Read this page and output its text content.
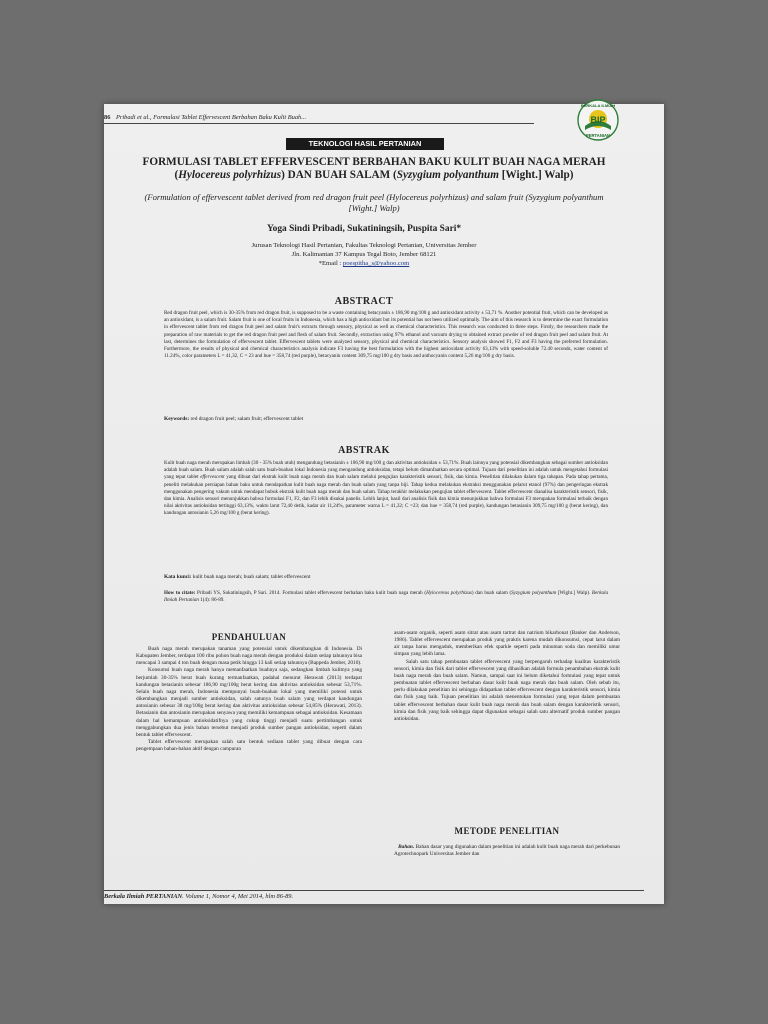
86 Pribadi et al., Formulasi Tablet Effervescent Berbahan Baku Kulit Buah...
BERKALA ILMIAH
BIP
PERTANIAN
TEKNOLOGI HASIL PERTANIAN
FORMULASI TABLET EFFERVESCENT BERBAHAN BAKU KULIT BUAH NAGA MERAH
(Hylocereus polyrhizus) DAN BUAH SALAM (Syzygium polyanthum [Wight.] Walp)
(Formulation of effervescent tablet derived from red dragon fruit peel (Hylocereus polyrhizus) and salam fruit (Syzygium polyanthum [Wight.] Walp)
Yoga Sindi Pribadi, Sukatiningsih, Puspita Sari*
Jurusan Teknologi Hasil Pertanian, Fakultas Teknologi Pertanian, Universitas Jember
Jln. Kalimantan 37 Kampus Tegal Boto, Jember 68121
*Email : poespitha_s@yahoo.com
ABSTRACT
Red dragon fruit peel, which is 30-35% from red dragon fruit, is supposed to be a waste containing betacyanin ± 186,90 mg/100 g and antioxidant activity ± 53,71 %. Another potential fruit, which can be developed as an antioxidant, is a salam fruit. Salam fruit is one of local fruits in Indonesia, which has a high antioxidant but its potential has not been utilized optimally. The aim of this research is to determine the exact formulation in effervescent tablet from red dragon fruit peel and salam fruit's extracts through sensory, physical as well as chemical characteristics. This research was conducted in three steps. Firstly, the researchers made the preparation of raw materials to get the red dragon fruit peel and flesh of salam fruit. Secondly, extraction using 97% ethanol and vacuum drying to obtained extract powder of red dragon fruit peel and salam fruit. At last, determines the formulation of effervescent tablet. Effervescent tablets were analyzed sensory, physical and chemical characteristics. Sensory analysis showed F1, F2 and F3 having the preferred formulation. Furthermore, the results of physical and chemical characteristics analysis indicate F3 having the best formulation with the highest antioxidant activity 63,13% with speed-soluble 72.40 seconds, water content of 11.24%, color parameters L = 41,32, C = 23 and hue = 358,74 (red purple), betacyanin content 309,75 mg/100 g dry basis and anthocyanin content 5,26 mg/100 g dry basis.
Keywords: red dragon fruit peel; salam fruit; effervescent tablet
ABSTRAK
Kulit buah naga merah merupakan limbah (30 - 35% buah utuh) mengandung betasianin ± 186,90 mg/100 g dan aktivitas antioksidan ± 53,71%. Buah lainnya yang potensial dikembangkan sebagai sumber antioksidan adalah buah salam. Buah salam adalah salah satu buah-buahan lokal Indonesia yang mengandung antioksidan, tetapi belum dimanfaatkan secara optimal. Tujuan dari penelitian ini adalah untuk mengetahui formulasi yang tepat tablet effervescent yang dibuat dari ekstrak kulit buah naga merah dan buah salam melalui pengujian karakteristik sensori, fisik, dan kimia. Penelitian dilakukan dalam tiga tahapan. Pada tahap pertama, peneliti melakukan persiapan bahan baku untuk mendapatkan kulit buah naga merah dan buah salam yang tanpa biji. Tahap kedua melakukan ekstraksi menggunakan pelarut etanol (97%) dan pengeringan ekstrak menggunakan pengering vakum untuk mendapat bubuk ekstrak kulit buah naga merah dan buah salam. Tahap terakhir melakukan pengujian tablet effervescent. Tablet effervescent dianalisa karakteristik sensori, fisik, dan kimia. Analisis sensori menunjukkan bahwa formulasi F1, F2, dan F3 lebih disukai panelis. Lebih lanjut, hasil dari analisis fisik dan kimia menunjukkan bahwa formulasi F3 merupakan formulasi terbaik dengan nilai aktivitas antioksidan tertinggi 63,13%, waktu larut 72,40 detik, kadar air 11,24%, parameter warna L = 41,32; C =23; dan hue = 358,74 (red purple), kandungan betasianin 309,75 mg/100 g (berat kering), dan kandungan antosianin 5,26 mg/100 g (berat kering).
Kata kunci: kulit buah naga merah; buah salam; tablet effervescent
How to citate: Pribadi YS, Sukatiningsih, P Sari. 2014. Formulasi tablet effervescent berbahan baku kulit buah naga merah (Hylocereus polyrhizus) dan buah salam (Syzygium polyanthum [Wight.] Walp). Berkala Ilmiah Pertanian 1(4): 86-89.
PENDAHULUAN

Buah naga merah merupakan tanaman yang potensial untuk dikembangkan di Indonesia. Di Kabupaten Jember, terdapat 100 ribu pohon buah naga merah dengan produksi dalam setiap tahunnya bisa mencapai 3 sampai 4 ton buah dengan masa petik hingga 13 kali setiap tahunnya (Bappeda Jember, 2010).

Konsumsi buah naga merah hanya memanfaatkan buahnya saja, sedangkan limbah kulitnya yang berjumlah 30-35% berat buah kurang termanfaatkan, padahal menurut Herawati (2013) terdapat kandungan betasianin sebesar 186,90 mg/100g berat kering dan aktivitas antioksidan sebesar 53,71%. Selain buah naga merah, Indonesia mempunyai buah-buahan lokal yang memiliki potensi untuk dikembangkan menjadi sumber antioksidan, salah satunya buah salam yang terdapat kandungan antosianin sebesar 38 mg/100g berat kering dan aktivitas antioksidan sebesar 54,85% (Herawati, 2013). Betasianin dan antosianin merupakan senyawa yang memiliki kemampuan sebagai antioksidan. Kesamaan dalam hal kemampuan antioksidatifnya yang cukup tinggi menjadi suatu pertimbangan untuk menggabungkan dua jenis bahan tersebut menjadi produk sumber pangan antioksidan, seperti dalam bentuk tablet effervescent.

Tablet effervescent merupakan salah satu bentuk sediaan tablet yang dibuat dengan cara pengempaan bahan-bahan aktif dengan campuran

asam-asam organik, seperti asam sitrat atau asam tartrat dan natrium bikarbonat (Banker dan Anderson, 1986). Tablet effervescent merupakan produk yang praktis karena mudah dikonsumsi, cepat larut dalam air tanpa harus mengaduk, memberikan efek sparkle seperti pada minuman soda dan memiliki umur simpan yang lebih lama.

Salah satu tahap pembuatan tablet effervescent yang berpengaruh terhadap kualitas karakteristik sensori, kimia dan fisik dari tablet effervescent yang dihasilkan adalah formula penambahan ekstrak kulit buah naga merah dan buah salam. Namun, sampai saat ini belum diketahui formulasi yang tepat untuk pembuatan tablet effervescent berbahan dasar kulit buah naga merah dan buah salam. Oleh sebab itu, perlu dilakukan penelitian ini sehingga didapatkan tablet effervescent dengan karakteristik sensori, kimia dan fisik yang baik. Tujuan penelitian ini adalah menentukan formulasi yang tepat dalam pembuatan tablet effervescent berbahan dasar kulit buah naga merah dan buah salam dengan karakteristik sensori, kimia dan fisik yang baik sehingga dapat digunakan sebagai salah satu alternatif produk sumber pangan antioksidan.

METODE PENELITIAN
Bahan. Bahan dasar yang digunakan dalam penelitian ini adalah kulit buah naga merah dari perkebunan Agrotechnopark Universitas Jember dan
Berkala Ilmiah PERTANIAN. Volume 1, Nomor 4, Mei 2014, hlm 86-89.
